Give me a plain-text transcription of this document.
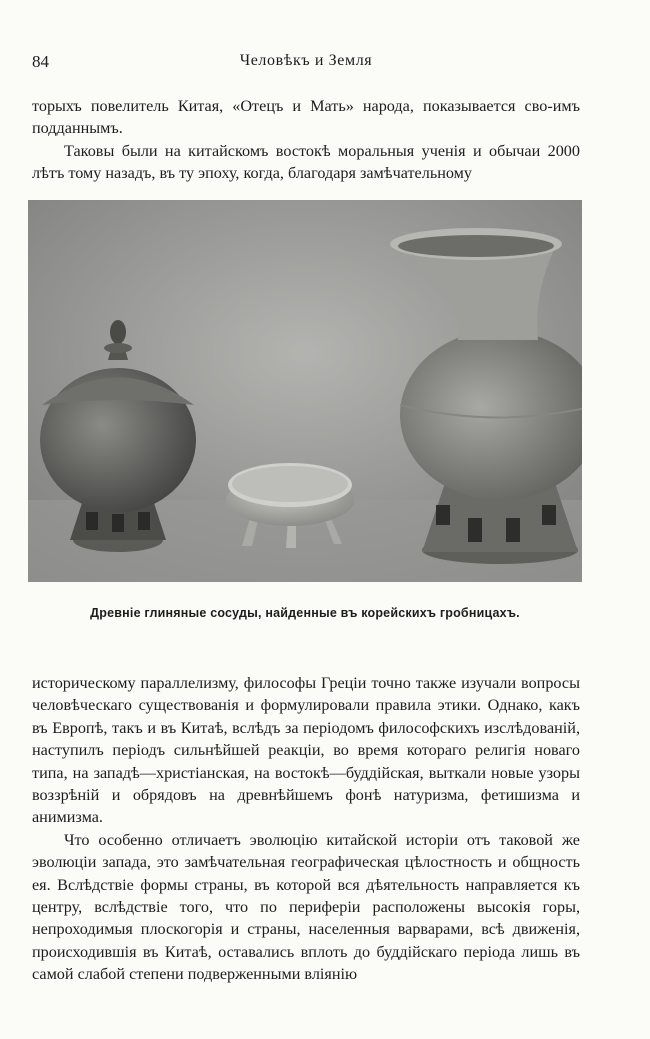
84	Человѣкъ и Земля

торыхъ повелитель Китая, «Отецъ и Мать» народа, показывается сво-имъ подданнымъ.

Таковы были на китайскомъ востокѣ моральныя ученія и обычаи 2000 лѣтъ тому назадъ, въ ту эпоху, когда, благодаря замѣчательному

Древніе глиняные сосуды, найденные въ корейскихъ гробницахъ.

историческому параллелизму, философы Греціи точно также изучали вопросы человѣческаго существованія и формулировали правила этики. Однако, какъ въ Европѣ, такъ и въ Китаѣ, вслѣдъ за періодомъ философскихъ изслѣдованій, наступилъ періодъ сильнѣйшей реакціи, во время котораго религія новаго типа, на западѣ—христіанская, на востокѣ—буддійская, выткали новые узоры воззрѣній и обрядовъ на древнѣйшемъ фонѣ натуризма, фетишизма и анимизма.

Что особенно отличаетъ эволюцію китайской исторіи отъ таковой же эволюціи запада, это замѣчательная географическая цѣлостность и общность ея. Вслѣдствіе формы страны, въ которой вся дѣятельность направляется къ центру, вслѣдствіе того, что по периферіи расположены высокія горы, непроходимыя плоскогорія и страны, населенныя варварами, всѣ движенія, происходившія въ Китаѣ, оставались вплоть до буддійскаго періода лишь въ самой слабой степени подверженными вліянію
